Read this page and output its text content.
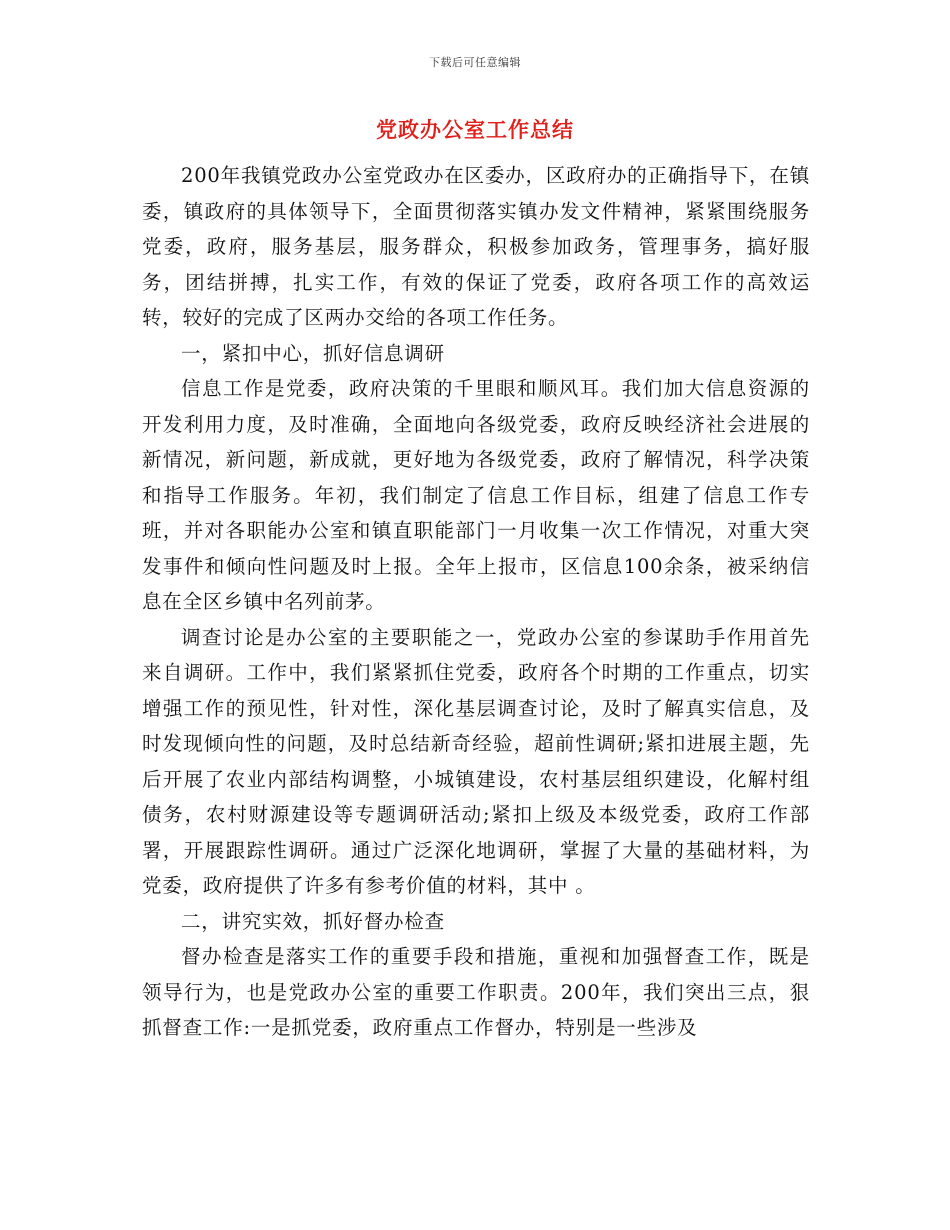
下载后可任意编辑
党政办公室工作总结

200年我镇党政办公室党政办在区委办，区政府办的正确指导下，在镇委，镇政府的具体领导下，全面贯彻落实镇办发文件精神，紧紧围绕服务党委，政府，服务基层，服务群众，积极参加政务，管理事务，搞好服务，团结拼搏，扎实工作，有效的保证了党委，政府各项工作的高效运转，较好的完成了区两办交给的各项工作任务。

一，紧扣中心，抓好信息调研

信息工作是党委，政府决策的千里眼和顺风耳。我们加大信息资源的开发利用力度，及时准确，全面地向各级党委，政府反映经济社会进展的新情况，新问题，新成就，更好地为各级党委，政府了解情况，科学决策和指导工作服务。年初，我们制定了信息工作目标，组建了信息工作专班，并对各职能办公室和镇直职能部门一月收集一次工作情况，对重大突发事件和倾向性问题及时上报。全年上报市，区信息100余条，被采纳信息在全区乡镇中名列前茅。

调查讨论是办公室的主要职能之一，党政办公室的参谋助手作用首先来自调研。工作中，我们紧紧抓住党委，政府各个时期的工作重点，切实增强工作的预见性，针对性，深化基层调查讨论，及时了解真实信息，及时发现倾向性的问题，及时总结新奇经验，超前性调研;紧扣进展主题，先后开展了农业内部结构调整，小城镇建设，农村基层组织建设，化解村组债务，农村财源建设等专题调研活动;紧扣上级及本级党委，政府工作部署，开展跟踪性调研。通过广泛深化地调研，掌握了大量的基础材料，为党委，政府提供了许多有参考价值的材料，其中 。

二，讲究实效，抓好督办检查

督办检查是落实工作的重要手段和措施，重视和加强督查工作，既是领导行为，也是党政办公室的重要工作职责。200年，我们突出三点，狠抓督查工作:一是抓党委，政府重点工作督办，特别是一些涉及
